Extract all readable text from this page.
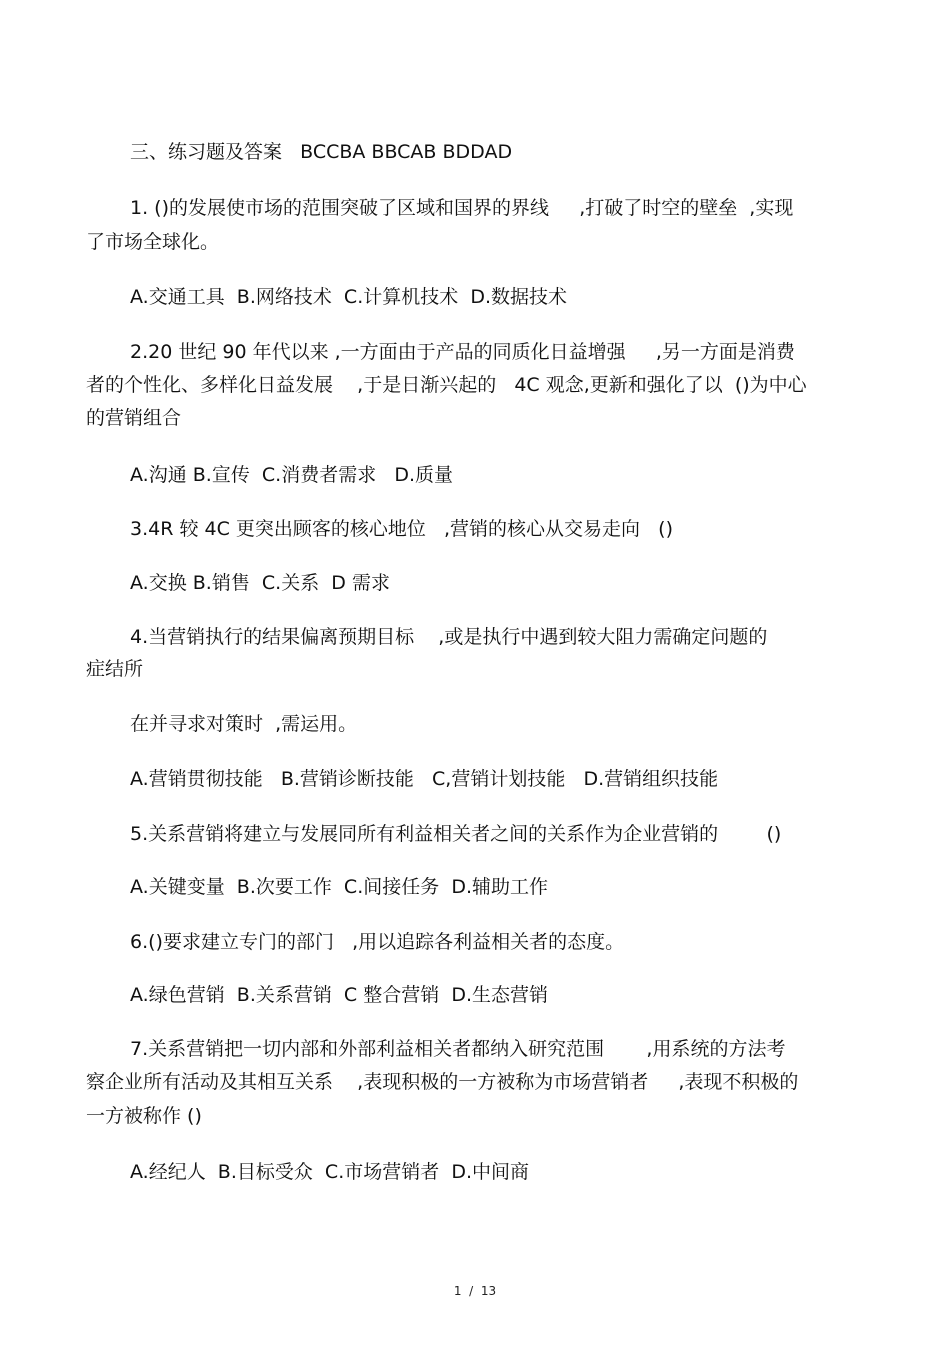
三、练习题及答案   BCCBA BBCAB BDDAD
1. ()的发展使市场的范围突破了区域和国界的界线     ,打破了时空的壁垒  ,实现
了市场全球化。
A.交通工具  B.网络技术  C.计算机技术  D.数据技术
2.20 世纪 90 年代以来 ,一方面由于产品的同质化日益增强     ,另一方面是消费
者的个性化、多样化日益发展    ,于是日渐兴起的   4C 观念,更新和强化了以  ()为中心
的营销组合
A.沟通 B.宣传  C.消费者需求   D.质量
3.4R 较 4C 更突出顾客的核心地位   ,营销的核心从交易走向   ()
A.交换 B.销售  C.关系  D 需求
4.当营销执行的结果偏离预期目标    ,或是执行中遇到较大阻力需确定问题的
症结所
在并寻求对策时  ,需运用。
A.营销贯彻技能   B.营销诊断技能   C,营销计划技能   D.营销组织技能
5.关系营销将建立与发展同所有利益相关者之间的关系作为企业营销的        ()
A.关键变量  B.次要工作  C.间接任务  D.辅助工作
6.()要求建立专门的部门   ,用以追踪各利益相关者的态度。
A.绿色营销  B.关系营销  C 整合营销  D.生态营销
7.关系营销把一切内部和外部利益相关者都纳入研究范围       ,用系统的方法考
察企业所有活动及其相互关系    ,表现积极的一方被称为市场营销者     ,表现不积极的
一方被称作 ()
A.经纪人  B.目标受众  C.市场营销者  D.中间商
1  /  13
